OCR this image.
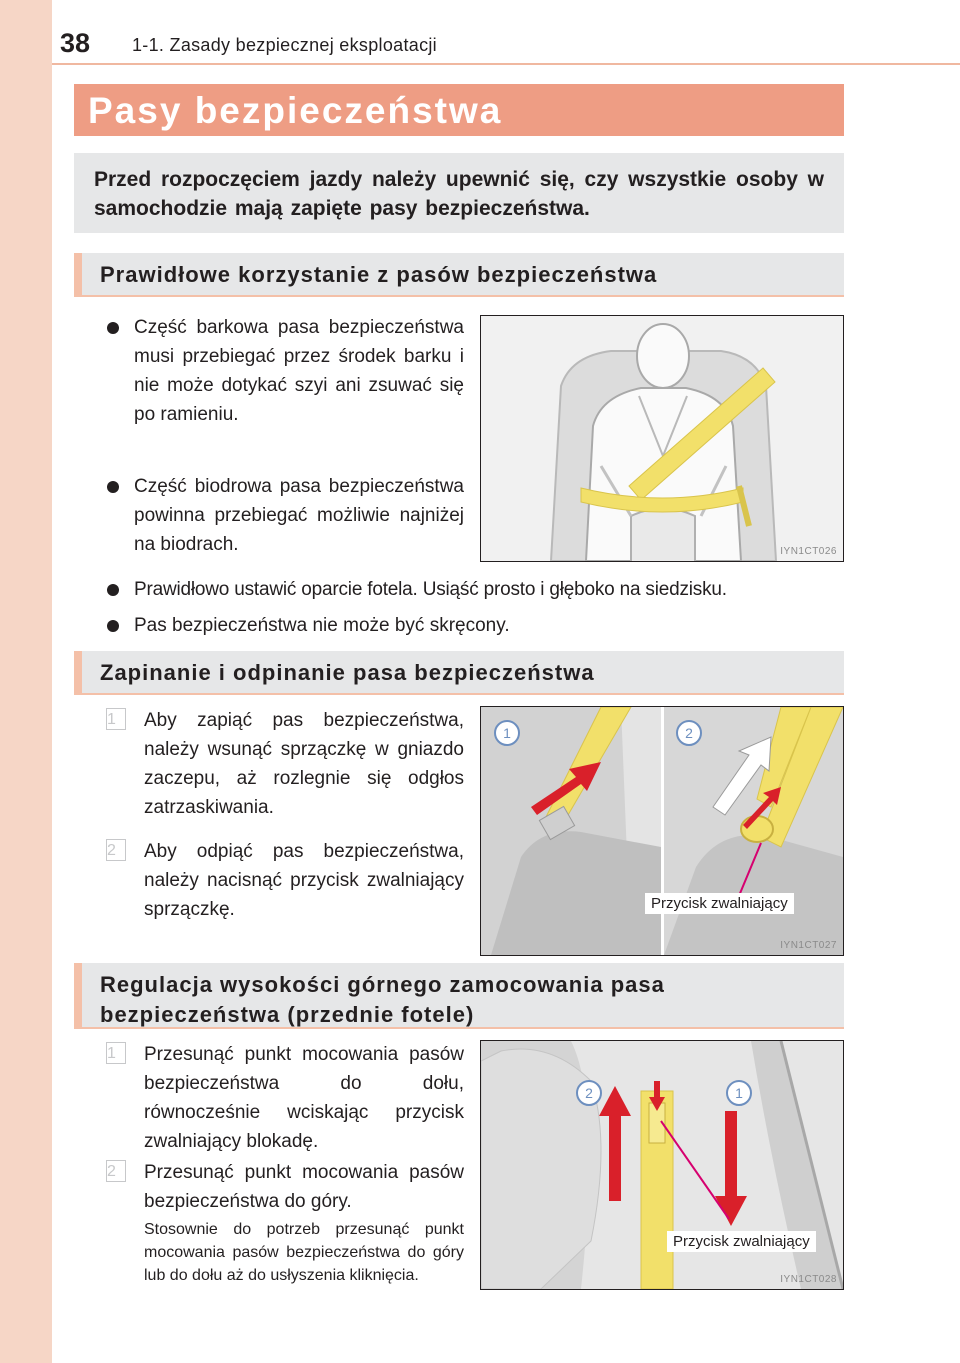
38 1-1. Zasady bezpiecznej eksploatacji
Pasy bezpieczeństwa
Przed rozpoczęciem jazdy należy upewnić się, czy wszystkie osoby w samochodzie mają zapięte pasy bezpieczeństwa.
Prawidłowe korzystanie z pasów bezpieczeństwa
Część barkowa pasa bezpieczeństwa musi przebiegać przez środek barku i nie może dotykać szyi ani zsuwać się po ramieniu.
Część biodrowa pasa bezpieczeństwa powinna przebiegać możliwie najniżej na biodrach.
Prawidłowo ustawić oparcie fotela. Usiąść prosto i głęboko na siedzisku.
Pas bezpieczeństwa nie może być skręcony.
IYN1CT026
Zapinanie i odpinanie pasa bezpieczeństwa
1	Aby zapiąć pas bezpieczeństwa, należy wsunąć sprzączkę w gniazdo zaczepu, aż rozlegnie się odgłos zatrzaskiwania.
2	Aby odpiąć pas bezpieczeństwa, należy nacisnąć przycisk zwalniający sprzączkę.
1	2
Przycisk zwalniający
IYN1CT027
Regulacja wysokości górnego zamocowania pasa
bezpieczeństwa (przednie fotele)
1	Przesunąć punkt mocowania pasów bezpieczeństwa do dołu, równocześnie wciskając przycisk zwalniający blokadę.
2	Przesunąć punkt mocowania pasów bezpieczeństwa do góry.
Stosownie do potrzeb przesunąć punkt mocowania pasów bezpieczeństwa do góry lub do dołu aż do usłyszenia kliknięcia.
2	1
Przycisk zwalniający
IYN1CT028
